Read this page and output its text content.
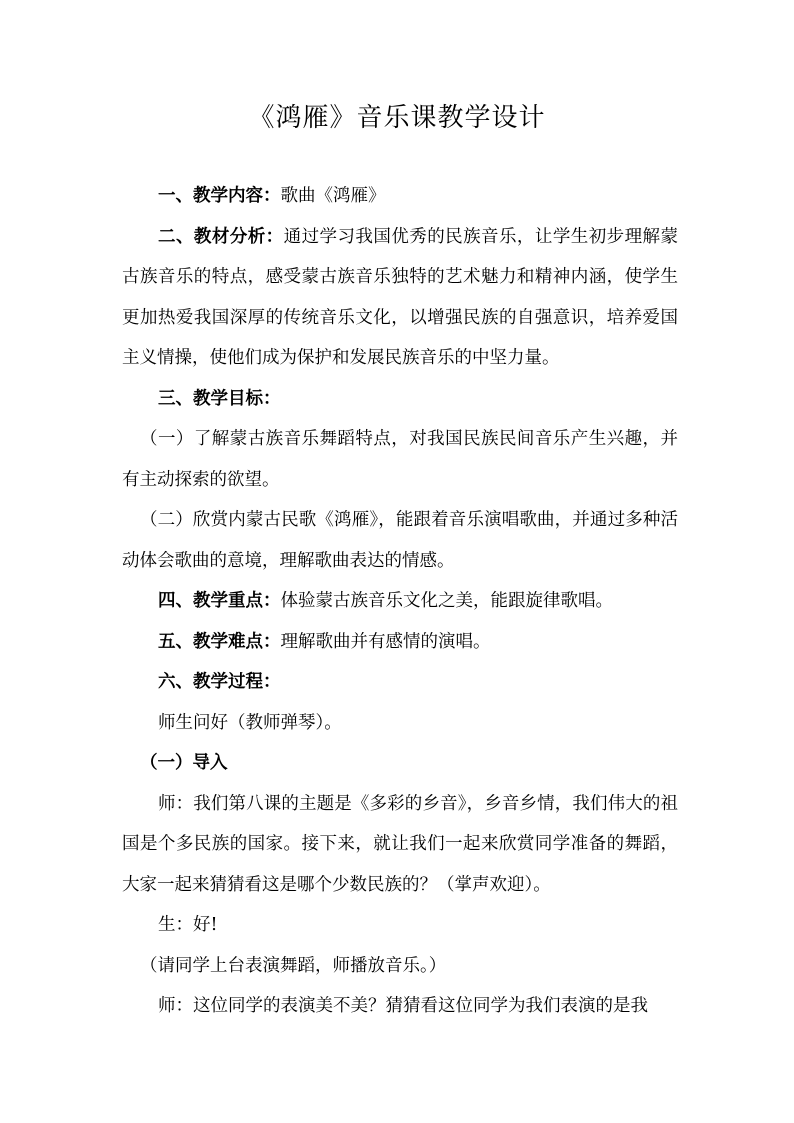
《鸿雁》音乐课教学设计

一、教学内容：歌曲《鸿雁》

二、教材分析：通过学习我国优秀的民族音乐，让学生初步理解蒙古族音乐的特点，感受蒙古族音乐独特的艺术魅力和精神内涵，使学生更加热爱我国深厚的传统音乐文化，以增强民族的自强意识，培养爱国主义情操，使他们成为保护和发展民族音乐的中坚力量。

三、教学目标：

（一）了解蒙古族音乐舞蹈特点，对我国民族民间音乐产生兴趣，并有主动探索的欲望。

（二）欣赏内蒙古民歌《鸿雁》，能跟着音乐演唱歌曲，并通过多种活动体会歌曲的意境，理解歌曲表达的情感。

四、教学重点：体验蒙古族音乐文化之美，能跟旋律歌唱。

五、教学难点：理解歌曲并有感情的演唱。

六、教学过程：

师生问好（教师弹琴）。

（一）导入

师：我们第八课的主题是《多彩的乡音》，乡音乡情，我们伟大的祖国是个多民族的国家。接下来，就让我们一起来欣赏同学准备的舞蹈，大家一起来猜猜看这是哪个少数民族的？（掌声欢迎）。

生：好!

（请同学上台表演舞蹈，师播放音乐。）

师：这位同学的表演美不美？猜猜看这位同学为我们表演的是我
